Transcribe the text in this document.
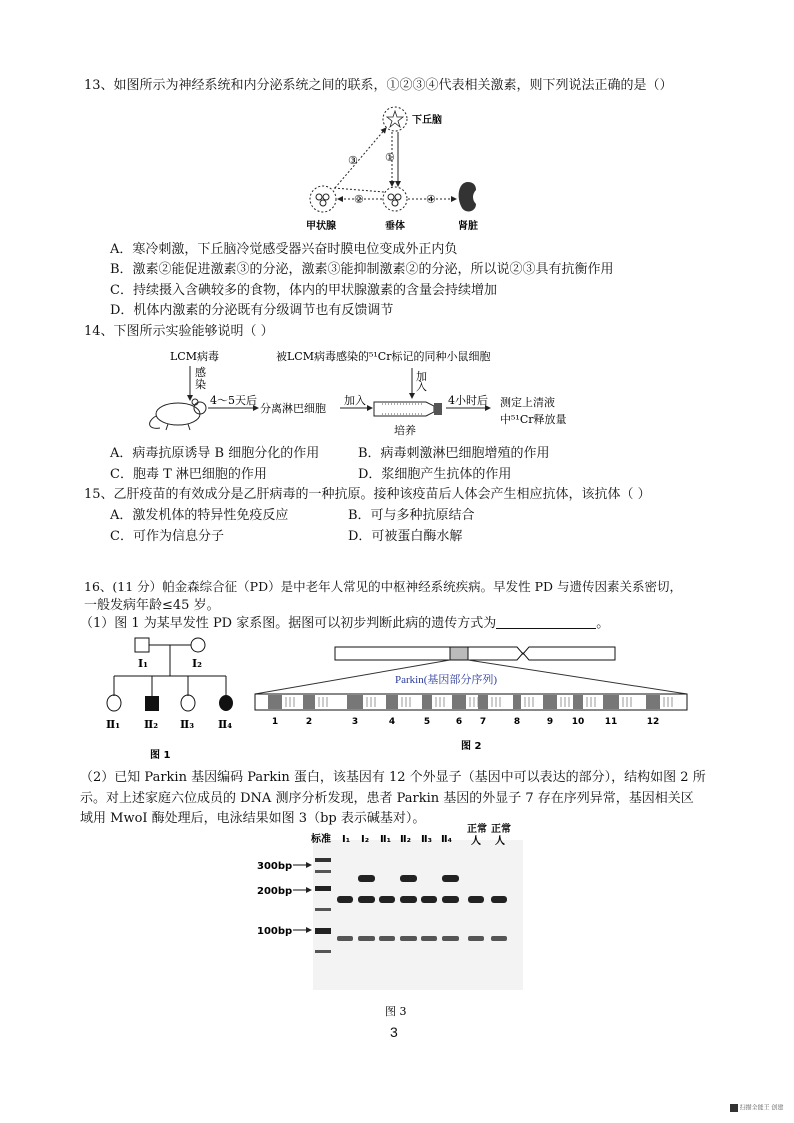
13、如图所示为神经系统和内分泌系统之间的联系，①②③④代表相关激素，则下列说法正确的是（）
下丘脑
垂体
甲状腺	肾脏
①
③
②	④
A．寒冷刺激，下丘脑冷觉感受器兴奋时膜电位变成外正内负
B．激素②能促进激素③的分泌，激素③能抑制激素②的分泌，所以说②③具有抗衡作用
C．持续摄入含碘较多的食物，体内的甲状腺激素的含量会持续增加
D．机体内激素的分泌既有分级调节也有反馈调节
14、下图所示实验能够说明（ ）
LCM病毒	被LCM病毒感染的⁵¹Cr标记的同种小鼠细胞
感
染
4～5天后
分离淋巴细胞
加入
加
入
培养
4小时后 测定上清液
中⁵¹Cr释放量
A．病毒抗原诱导 B 细胞分化的作用	B．病毒刺激淋巴细胞增殖的作用
C．胞毒 T 淋巴细胞的作用	D．浆细胞产生抗体的作用
15、乙肝疫苗的有效成分是乙肝病毒的一种抗原。接种该疫苗后人体会产生相应抗体，该抗体（ ）
A．激发机体的特异性免疫反应	B．可与多种抗原结合
C．可作为信息分子	D．可被蛋白酶水解
16、(11 分）帕金森综合征（PD）是中老年人常见的中枢神经系统疾病。早发性 PD 与遗传因素关系密切，
一般发病年龄≤45 岁。
（1）图 1 为某早发性 PD 家系图。据图可以初步判断此病的遗传方式为	。
Ⅰ₁	Ⅰ₂
Ⅱ₁ Ⅱ₂ Ⅱ₃ Ⅱ₄
图 1
Parkin(基因部分序列)
1	2	3	4	5	6 7	8	9 10 11	12
图 2
（2）已知 Parkin 基因编码 Parkin 蛋白，该基因有 12 个外显子（基因中可以表达的部分），结构如图 2 所
示。对上述家庭六位成员的 DNA 测序分析发现，患者 Parkin 基因的外显子 7 存在序列异常，基因相关区
域用 MwoI 酶处理后，电泳结果如图 3（bp 表示碱基对）。
标准 Ⅰ₁ Ⅰ₂ Ⅱ₁ Ⅱ₂ Ⅱ₃ Ⅱ₄
正常
人
正常
人
300bp
200bp
100bp
图 3
3
扫描全能王 创建
